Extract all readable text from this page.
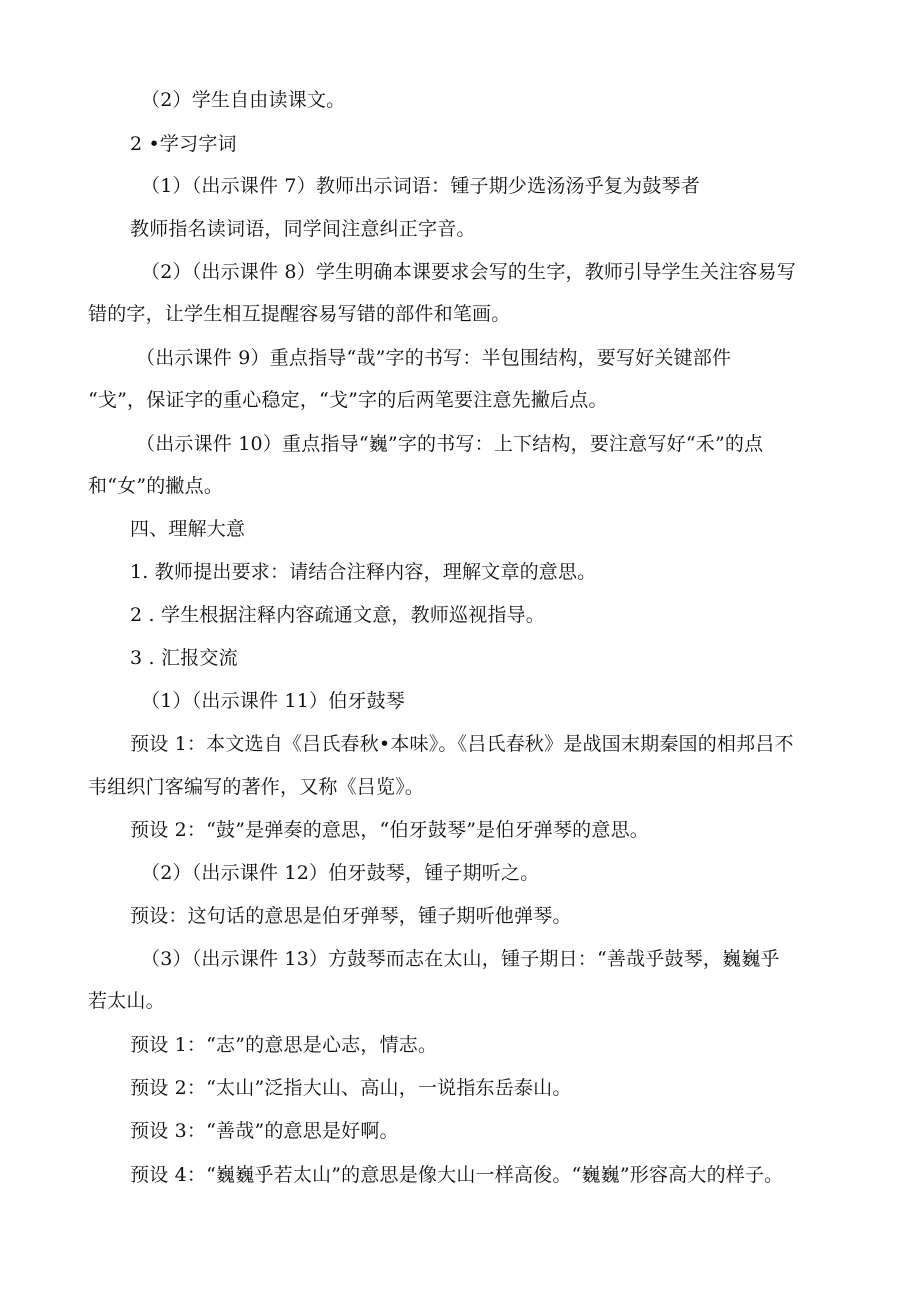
（2）学生自由读课文。
2 •学习字词
（1）（出示课件 7）教师出示词语：锺子期少选汤汤乎复为鼓琴者
教师指名读词语，同学间注意纠正字音。
（2）（出示课件 8）学生明确本课要求会写的生字，教师引导学生关注容易写
错的字，让学生相互提醒容易写错的部件和笔画。
（出示课件 9）重点指导“哉”字的书写：半包围结构，要写好关键部件
“戈”，保证字的重心稳定，“戈”字的后两笔要注意先撇后点。
（出示课件 10）重点指导“巍”字的书写：上下结构，要注意写好“禾”的点
和“女”的撇点。
四、理解大意
1. 教师提出要求：请结合注释内容，理解文章的意思。
2 . 学生根据注释内容疏通文意，教师巡视指导。
3 . 汇报交流
（1）（出示课件 11）伯牙鼓琴
预设 1：本文选自《吕氏春秋•本味》。《吕氏春秋》是战国末期秦国的相邦吕不
韦组织门客编写的著作，又称《吕览》。
预设 2：“鼓”是弹奏的意思，“伯牙鼓琴”是伯牙弹琴的意思。
（2）（出示课件 12）伯牙鼓琴，锺子期听之。
预设：这句话的意思是伯牙弹琴，锺子期听他弹琴。
（3）（出示课件 13）方鼓琴而志在太山，锺子期日：“善哉乎鼓琴，巍巍乎
若太山。
预设 1：“志”的意思是心志，情志。
预设 2：“太山”泛指大山、高山，一说指东岳泰山。
预设 3：“善哉”的意思是好啊。
预设 4：“巍巍乎若太山”的意思是像大山一样高俊。“巍巍”形容高大的样子。
